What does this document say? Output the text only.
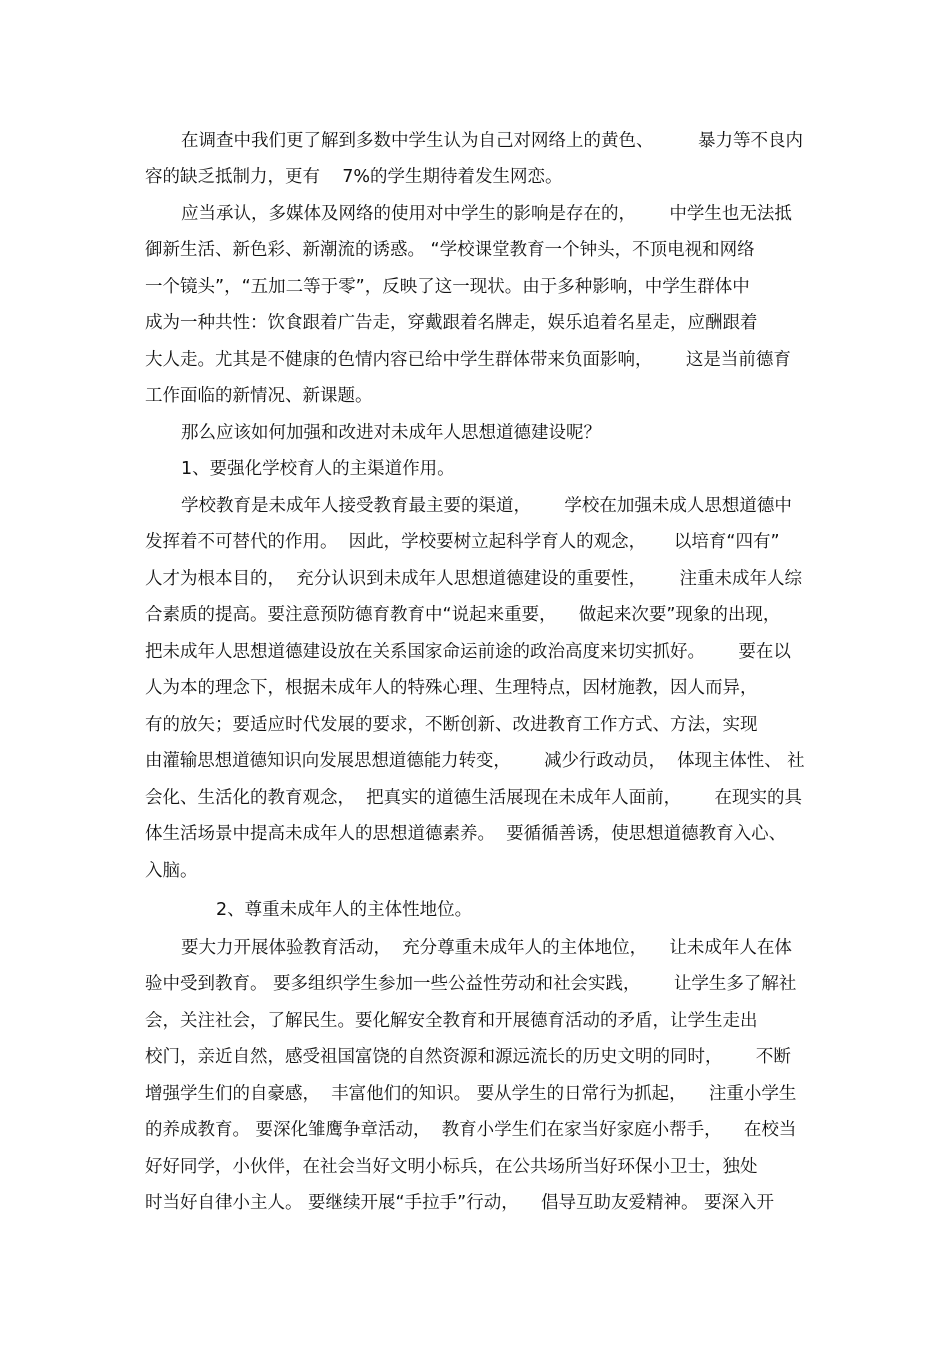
在调查中我们更了解到多数中学生认为自己对网络上的黄色、        暴力等不良内
容的缺乏抵制力，更有    7%的学生期待着发生网恋。
应当承认，多媒体及网络的使用对中学生的影响是存在的，      中学生也无法抵
御新生活、新色彩、新潮流的诱惑。 “学校课堂教育一个钟头，不顶电视和网络
一个镜头”，“五加二等于零”，反映了这一现状。由于多种影响，中学生群体中
成为一种共性：饮食跟着广告走，穿戴跟着名牌走，娱乐追着名星走，应酬跟着
大人走。尤其是不健康的色情内容已给中学生群体带来负面影响，      这是当前德育
工作面临的新情况、新课题。
那么应该如何加强和改进对未成年人思想道德建设呢？
1、要强化学校育人的主渠道作用。
学校教育是未成年人接受教育最主要的渠道，      学校在加强未成人思想道德中
发挥着不可替代的作用。  因此，学校要树立起科学育人的观念，     以培育“四有”
人才为根本目的，  充分认识到未成年人思想道德建设的重要性，      注重未成年人综
合素质的提高。要注意预防德育教育中“说起来重要，    做起来次要”现象的出现，
把未成年人思想道德建设放在关系国家命运前途的政治高度来切实抓好。      要在以
人为本的理念下，根据未成年人的特殊心理、生理特点，因材施教，因人而异，
有的放矢；要适应时代发展的要求，不断创新、改进教育工作方式、方法，实现
由灌输思想道德知识向发展思想道德能力转变，      减少行政动员，  体现主体性、 社
会化、生活化的教育观念，  把真实的道德生活展现在未成年人面前，      在现实的具
体生活场景中提高未成年人的思想道德素养。  要循循善诱，使思想道德教育入心、
入脑。
2、尊重未成年人的主体性地位。
要大力开展体验教育活动，  充分尊重未成年人的主体地位，    让未成年人在体
验中受到教育。 要多组织学生参加一些公益性劳动和社会实践，      让学生多了解社
会，关注社会，了解民生。要化解安全教育和开展德育活动的矛盾，让学生走出
校门，亲近自然，感受祖国富饶的自然资源和源远流长的历史文明的同时，      不断
增强学生们的自豪感，  丰富他们的知识。 要从学生的日常行为抓起，    注重小学生
的养成教育。 要深化雏鹰争章活动，  教育小学生们在家当好家庭小帮手，    在校当
好好同学，小伙伴，在社会当好文明小标兵，在公共场所当好环保小卫士，独处
时当好自律小主人。 要继续开展“手拉手”行动，    倡导互助友爱精神。 要深入开
